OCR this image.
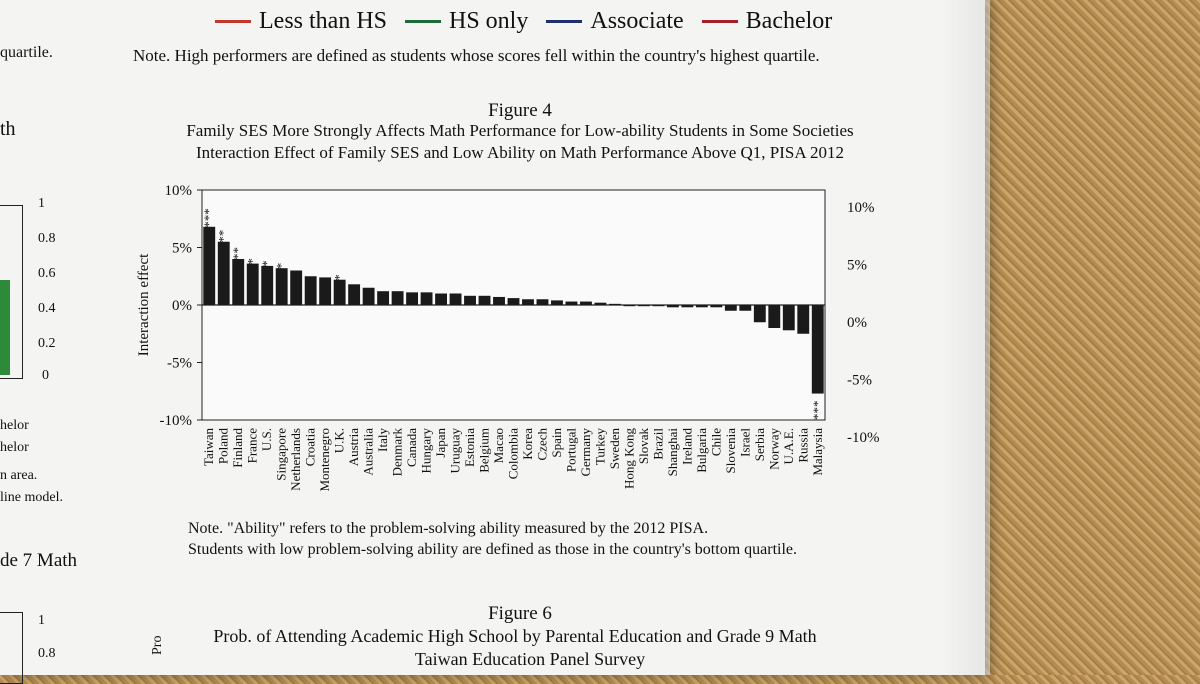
Less than HS	HS only	Associate	Bachelor
Note. High performers are defined as students whose scores fell within the country's highest quartile.
quartile.
th
1
0.8
0.6
0.4
0.2
0
helor
helor
n area.
line model.
de 7 Math
1
0.8	Pro
Figure 4
Family SES More Strongly Affects Math Performance for Low-ability Students in Some Societies
Interaction Effect of Family SES and Low Ability on Math Performance Above Q1, PISA 2012
10%
10%
5%
5%
0%
0%
-5%
-5%
-10%
-10%
Interaction effect
***
Taiwan
**
Poland
**
Finland
*
France
*
U.S.
*
Singapore Netherlands Croatia Montenegro
*
U.K. Austria Australia Italy Denmark Canada Hungary Japan Uruguay Estonia Belgium Macao Colombia Korea Czech Spain Portugal Germany Turkey Sweden Hong Kong Slovak Brazil Shanghai Ireland Bulgaria Chile Slovenia Israel Serbia Norway U.A.E. Russia
***
Malaysia
Note. "Ability" refers to the problem-solving ability measured by the 2012 PISA.
Students with low problem-solving ability are defined as those in the country's bottom quartile.
Figure 6
Prob. of Attending Academic High School by Parental Education and Grade 9 Math
Taiwan Education Panel Survey
